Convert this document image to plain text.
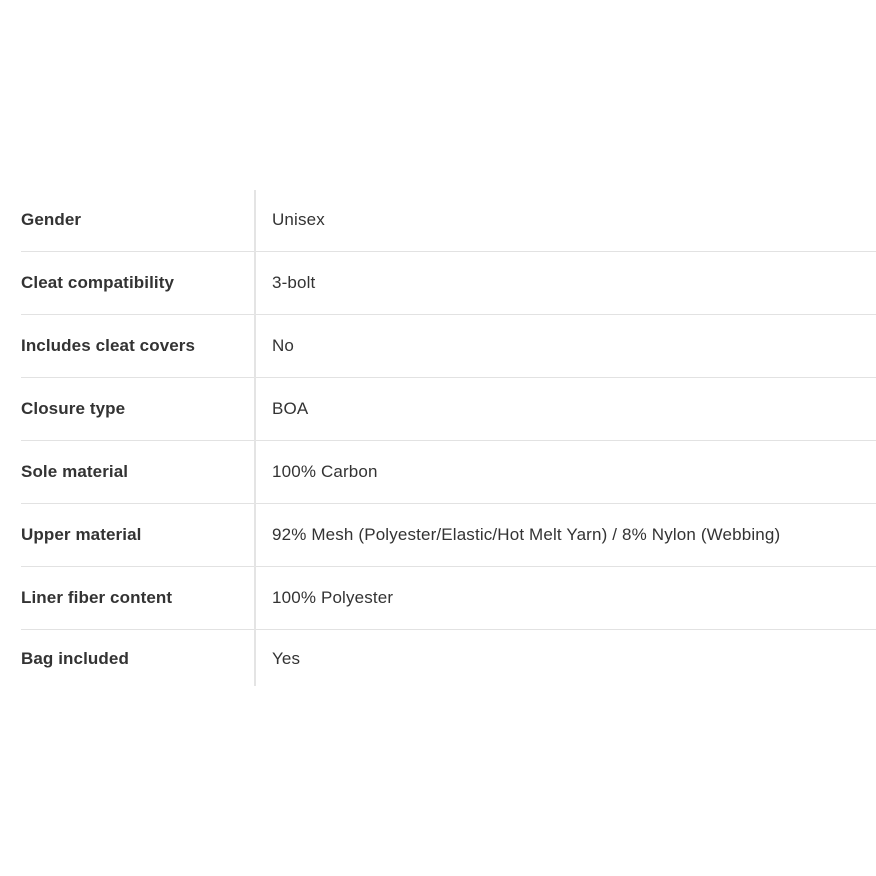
Gender	Unisex
Cleat compatibility	3-bolt
Includes cleat covers	No
Closure type	BOA
Sole material	100% Carbon
Upper material	92% Mesh (Polyester/Elastic/Hot Melt Yarn) / 8% Nylon (Webbing)
Liner fiber content	100% Polyester
Bag included	Yes
